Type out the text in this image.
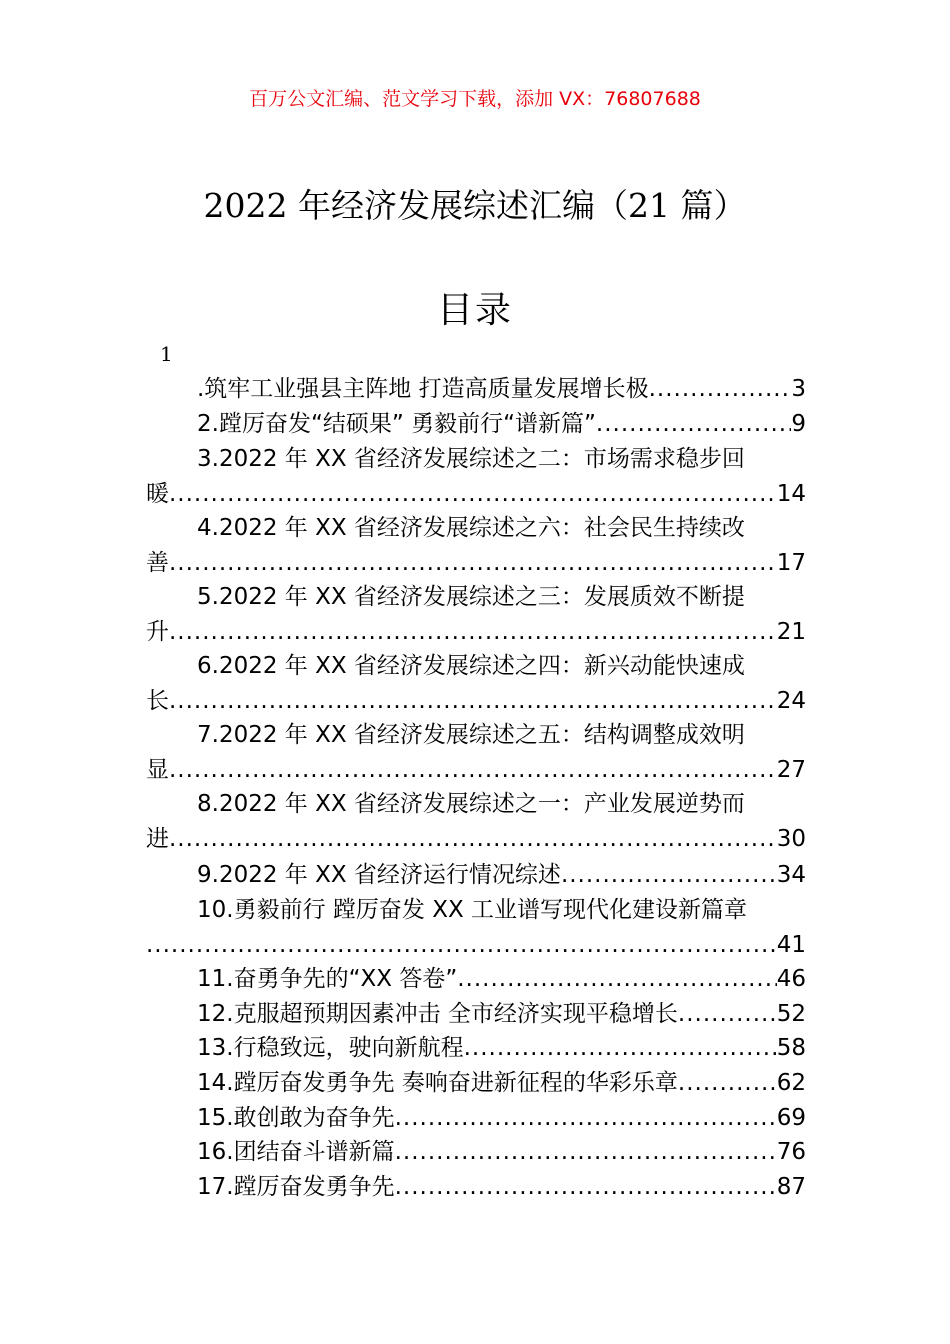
百万公文汇编、范文学习下载，添加 VX：76807688
2022 年经济发展综述汇编（21 篇）
目录
1
.筑牢工业强县主阵地 打造高质量发展增长极 .....	3
2.蹚厉奋发“结硕果” 勇毅前行“谱新篇” .....	9
3.2022 年 XX 省经济发展综述之二：市场需求稳步回
暖 .....	14
4.2022 年 XX 省经济发展综述之六：社会民生持续改
善 .....	17
5.2022 年 XX 省经济发展综述之三：发展质效不断提
升 .....	21
6.2022 年 XX 省经济发展综述之四：新兴动能快速成
长 .....	24
7.2022 年 XX 省经济发展综述之五：结构调整成效明
显 .....	27
8.2022 年 XX 省经济发展综述之一：产业发展逆势而
进 .....	30
9.2022 年 XX 省经济运行情况综述 .....	34
10.勇毅前行 蹚厉奋发 XX 工业谱写现代化建设新篇章
.....
41
11.奋勇争先的“XX 答卷” .....	46
12.克服超预期因素冲击 全市经济实现平稳增长 .....	52
13.行稳致远，驶向新航程 .....	58
14.蹚厉奋发勇争先 奏响奋进新征程的华彩乐章 .....	62
15.敢创敢为奋争先 .....	69
16.团结奋斗谱新篇 .....	76
17.蹚厉奋发勇争先 .....	87
